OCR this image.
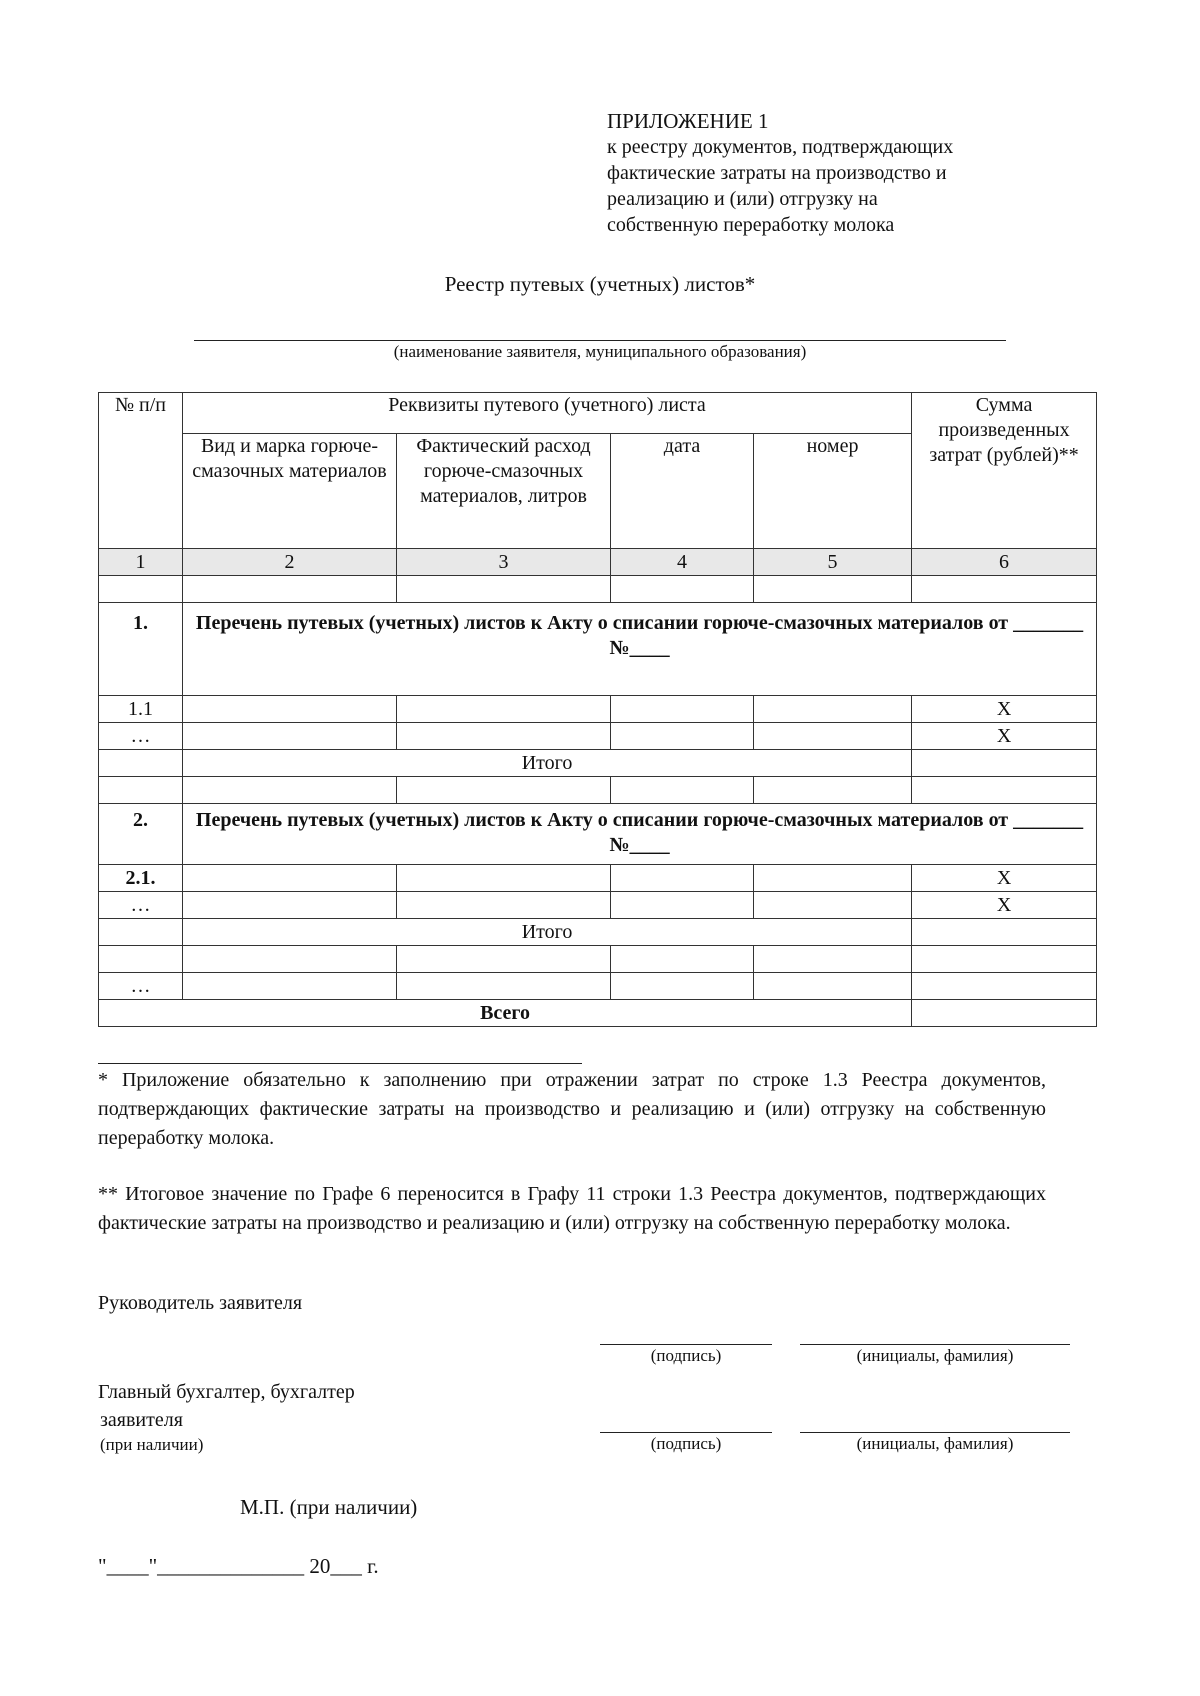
ПРИЛОЖЕНИЕ 1
к реестру документов, подтверждающих
фактические затраты на производство и
реализацию и (или) отгрузку на
собственную переработку молока
Реестр путевых (учетных) листов*
(наименование заявителя, муниципального образования)
№ п/п	Реквизиты путевого (учетного) листа				Сумма произведенных затрат (рублей)**
	Вид и марка горюче-смазочных материалов	Фактический расход горюче-смазочных материалов, литров	дата	номер	
1	2	3	4	5	6

1.	Перечень путевых (учетных) листов к Акту о списании горюче-смазочных материалов от _______ №____				
1.1					X
…					X
	Итого				

2.	Перечень путевых (учетных) листов к Акту о списании горюче-смазочных материалов от _______ №____				
2.1.					X
…					X
	Итого				

…					
Всего					
* Приложение обязательно к заполнению при отражении затрат по строке 1.3 Реестра документов, подтверждающих фактические затраты на производство и реализацию и (или) отгрузку на собственную переработку молока.
** Итоговое значение по Графе 6 переносится в Графу 11 строки 1.3 Реестра документов, подтверждающих фактические затраты на производство и реализацию и (или) отгрузку на собственную переработку молока.
Руководитель заявителя
(подпись)	(инициалы, фамилия)
Главный бухгалтер, бухгалтер
заявителя
(при наличии)	(подпись)	(инициалы, фамилия)
М.П. (при наличии)
"____"______________ 20___ г.
